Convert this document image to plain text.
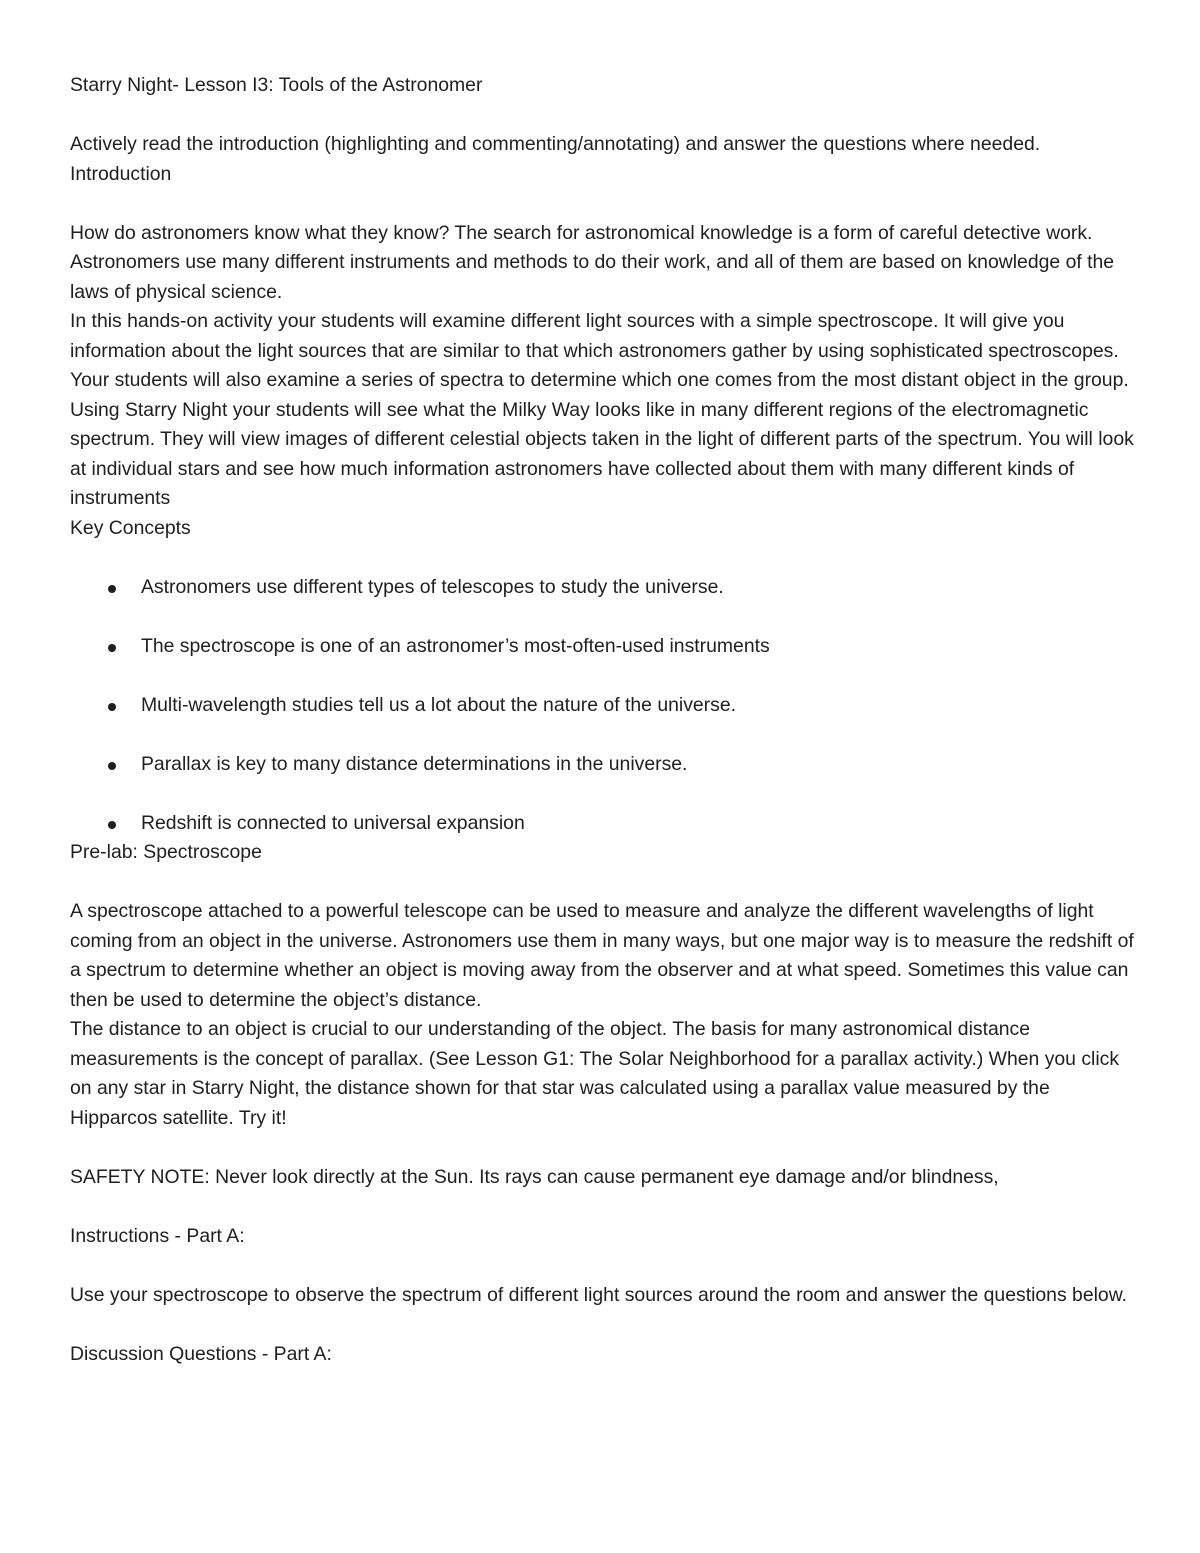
Starry Night- Lesson I3: Tools of the Astronomer

Actively read the introduction (highlighting and commenting/annotating) and answer the questions where needed.

Introduction

How do astronomers know what they know? The search for astronomical knowledge is a form of careful detective work. Astronomers use many different instruments and methods to do their work, and all of them are based on knowledge of the laws of physical science.

In this hands-on activity your students will examine different light sources with a simple spectroscope. It will give you information about the light sources that are similar to that which astronomers gather by using sophisticated spectroscopes. Your students will also examine a series of spectra to determine which one comes from the most distant object in the group.

Using Starry Night your students will see what the Milky Way looks like in many different regions of the electromagnetic spectrum. They will view images of different celestial objects taken in the light of different parts of the spectrum. You will look at individual stars and see how much information astronomers have collected about them with many different kinds of instruments

Key Concepts

Astronomers use different types of telescopes to study the universe.
The spectroscope is one of an astronomer’s most-often-used instruments
Multi-wavelength studies tell us a lot about the nature of the universe.
Parallax is key to many distance determinations in the universe.
Redshift is connected to universal expansion

Pre-lab: Spectroscope

A spectroscope attached to a powerful telescope can be used to measure and analyze the different wavelengths of light coming from an object in the universe. Astronomers use them in many ways, but one major way is to measure the redshift of a spectrum to determine whether an object is moving away from the observer and at what speed. Sometimes this value can then be used to determine the object’s distance.

The distance to an object is crucial to our understanding of the object. The basis for many astronomical distance measurements is the concept of parallax. (See Lesson G1: The Solar Neighborhood for a parallax activity.) When you click on any star in Starry Night, the distance shown for that star was calculated using a parallax value measured by the Hipparcos satellite. Try it!

SAFETY NOTE: Never look directly at the Sun. Its rays can cause permanent eye damage and/or blindness,

Instructions - Part A:

Use your spectroscope to observe the spectrum of different light sources around the room and answer the questions below.

Discussion Questions - Part A:
